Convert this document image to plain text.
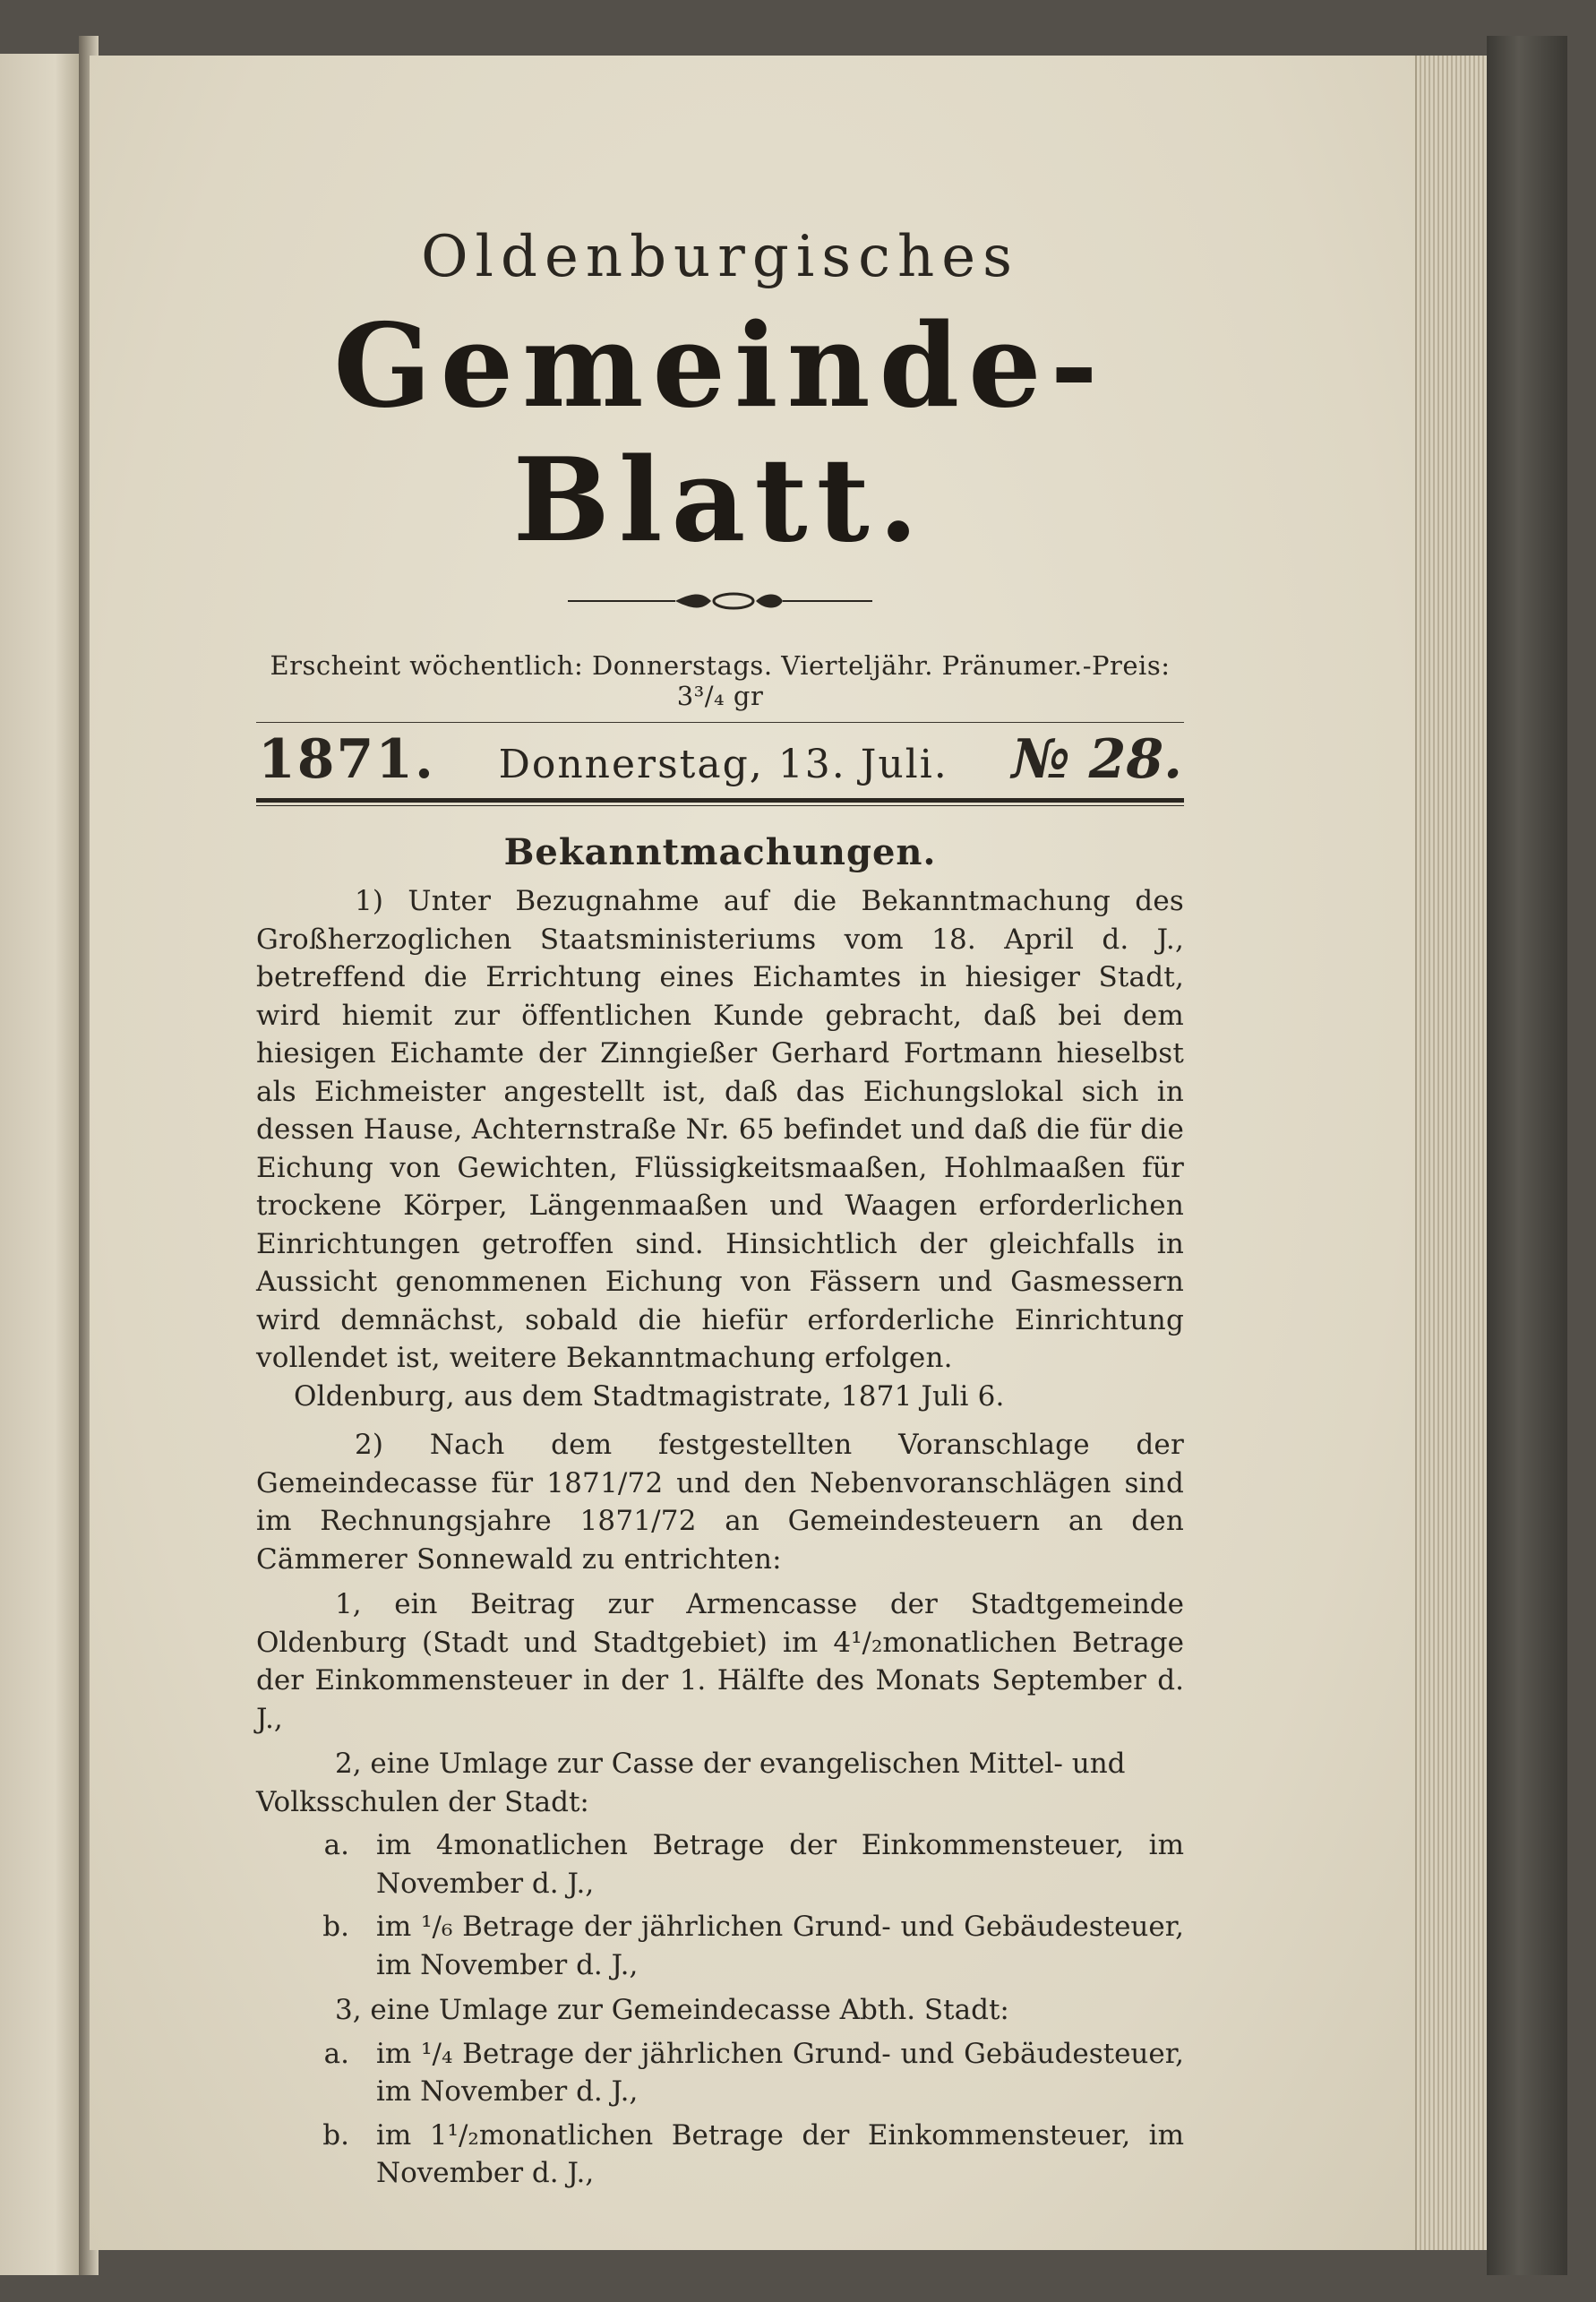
Oldenburgisches
Gemeinde-Blatt.
Erscheint wöchentlich: Donnerstags. Vierteljähr. Pränumer.-Preis: 3³/₄ gr
1871. Donnerstag, 13. Juli. № 28.
Bekanntmachungen.

1) Unter Bezugnahme auf die Bekanntmachung des Großherzoglichen Staatsministeriums vom 18. April d. J., betreffend die Errichtung eines Eichamtes in hiesiger Stadt, wird hiemit zur öffentlichen Kunde gebracht, daß bei dem hiesigen Eichamte der Zinngießer Gerhard Fortmann hieselbst als Eichmeister angestellt ist, daß das Eichungslokal sich in dessen Hause, Achternstraße Nr. 65 befindet und daß die für die Eichung von Gewichten, Flüssigkeitsmaaßen, Hohlmaaßen für trockene Körper, Längenmaaßen und Waagen erforderlichen Einrichtungen getroffen sind. Hinsichtlich der gleichfalls in Aussicht genommenen Eichung von Fässern und Gasmessern wird demnächst, sobald die hiefür erforderliche Einrichtung vollendet ist, weitere Bekanntmachung erfolgen.

Oldenburg, aus dem Stadtmagistrate, 1871 Juli 6.

2) Nach dem festgestellten Voranschlage der Gemeindecasse für 1871/72 und den Nebenvoranschlägen sind im Rechnungsjahre 1871/72 an Gemeindesteuern an den Cämmerer Sonnewald zu entrichten:

1, ein Beitrag zur Armencasse der Stadtgemeinde Oldenburg (Stadt und Stadtgebiet) im 4¹/₂monatlichen Betrage der Einkommensteuer in der 1. Hälfte des Monats September d. J.,

2, eine Umlage zur Casse der evangelischen Mittel- und Volksschulen der Stadt:

a. im 4monatlichen Betrage der Einkommensteuer, im November d. J.,
b. im ¹/₆ Betrage der jährlichen Grund- und Gebäudesteuer, im November d. J.,

3, eine Umlage zur Gemeindecasse Abth. Stadt:

a. im ¹/₄ Betrage der jährlichen Grund- und Gebäudesteuer, im November d. J.,
b. im 1¹/₂monatlichen Betrage der Einkommensteuer, im November d. J.,
